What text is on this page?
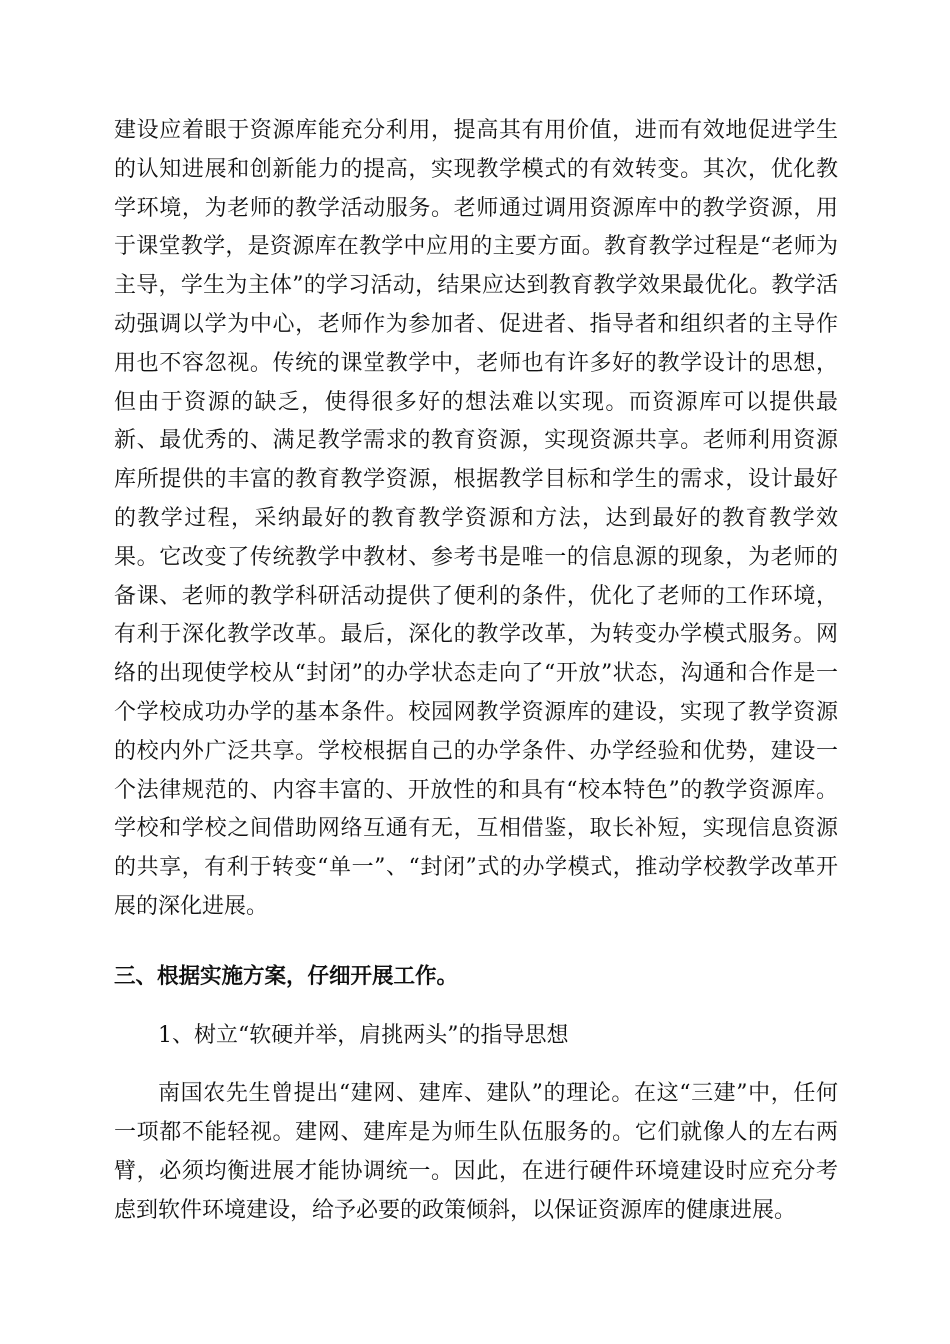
建设应着眼于资源库能充分利用，提高其有用价值，进而有效地促进学生的认知进展和创新能力的提高，实现教学模式的有效转变。其次，优化教学环境，为老师的教学活动服务。老师通过调用资源库中的教学资源，用于课堂教学，是资源库在教学中应用的主要方面。教育教学过程是“老师为主导，学生为主体”的学习活动，结果应达到教育教学效果最优化。教学活动强调以学为中心，老师作为参加者、促进者、指导者和组织者的主导作用也不容忽视。传统的课堂教学中，老师也有许多好的教学设计的思想，但由于资源的缺乏，使得很多好的想法难以实现。而资源库可以提供最新、最优秀的、满足教学需求的教育资源，实现资源共享。老师利用资源库所提供的丰富的教育教学资源，根据教学目标和学生的需求，设计最好的教学过程，采纳最好的教育教学资源和方法，达到最好的教育教学效果。它改变了传统教学中教材、参考书是唯一的信息源的现象，为老师的备课、老师的教学科研活动提供了便利的条件，优化了老师的工作环境，有利于深化教学改革。最后，深化的教学改革，为转变办学模式服务。网络的出现使学校从“封闭”的办学状态走向了“开放”状态，沟通和合作是一个学校成功办学的基本条件。校园网教学资源库的建设，实现了教学资源的校内外广泛共享。学校根据自己的办学条件、办学经验和优势，建设一个法律规范的、内容丰富的、开放性的和具有“校本特色”的教学资源库。学校和学校之间借助网络互通有无，互相借鉴，取长补短，实现信息资源的共享，有利于转变“单一”、“封闭”式的办学模式，推动学校教学改革开展的深化进展。

三、根据实施方案，仔细开展工作。

1、树立“软硬并举，肩挑两头”的指导思想

南国农先生曾提出“建网、建库、建队”的理论。在这“三建”中，任何一项都不能轻视。建网、建库是为师生队伍服务的。它们就像人的左右两臂，必须均衡进展才能协调统一。因此，在进行硬件环境建设时应充分考虑到软件环境建设，给予必要的政策倾斜，以保证资源库的健康进展。
